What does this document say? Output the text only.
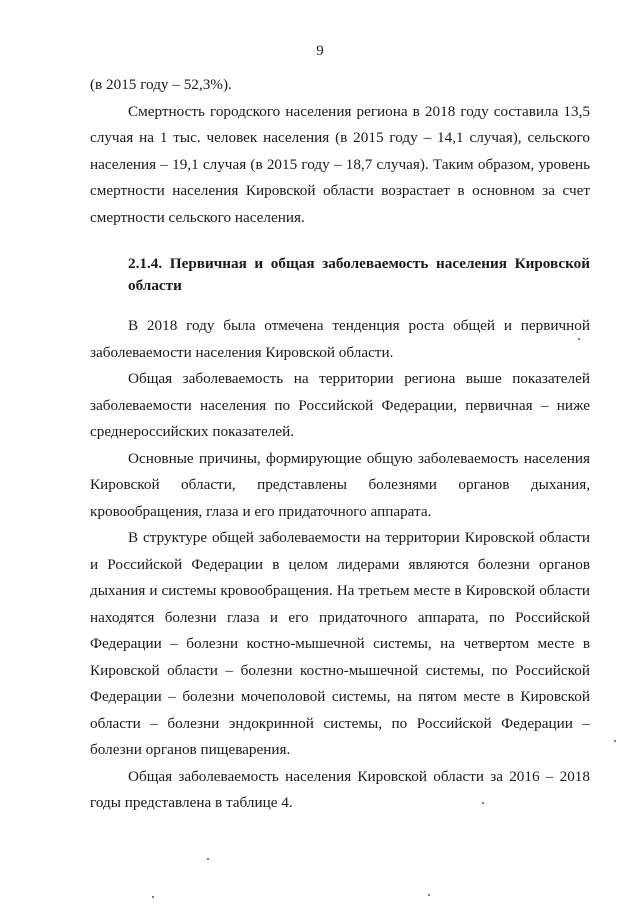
9

(в 2015 году – 52,3%).

Смертность городского населения региона в 2018 году составила 13,5 случая на 1 тыс. человек населения (в 2015 году – 14,1 случая), сельского населения – 19,1 случая (в 2015 году – 18,7 случая). Таким образом, уровень смертности населения Кировской области возрастает в основном за счет смертности сельского населения.

2.1.4. Первичная и общая заболеваемость населения Кировской области

В 2018 году была отмечена тенденция роста общей и первичной заболеваемости населения Кировской области.

Общая заболеваемость на территории региона выше показателей заболеваемости населения по Российской Федерации, первичная – ниже среднероссийских показателей.

Основные причины, формирующие общую заболеваемость населения Кировской области, представлены болезнями органов дыхания, кровообращения, глаза и его придаточного аппарата.

В структуре общей заболеваемости на территории Кировской области и Российской Федерации в целом лидерами являются болезни органов дыхания и системы кровообращения. На третьем месте в Кировской области находятся болезни глаза и его придаточного аппарата, по Российской Федерации – болезни костно-мышечной системы, на четвертом месте в Кировской области – болезни костно-мышечной системы, по Российской Федерации – болезни мочеполовой системы, на пятом месте в Кировской области – болезни эндокринной системы, по Российской Федерации – болезни органов пищеварения.

Общая заболеваемость населения Кировской области за 2016 – 2018 годы представлена в таблице 4.
